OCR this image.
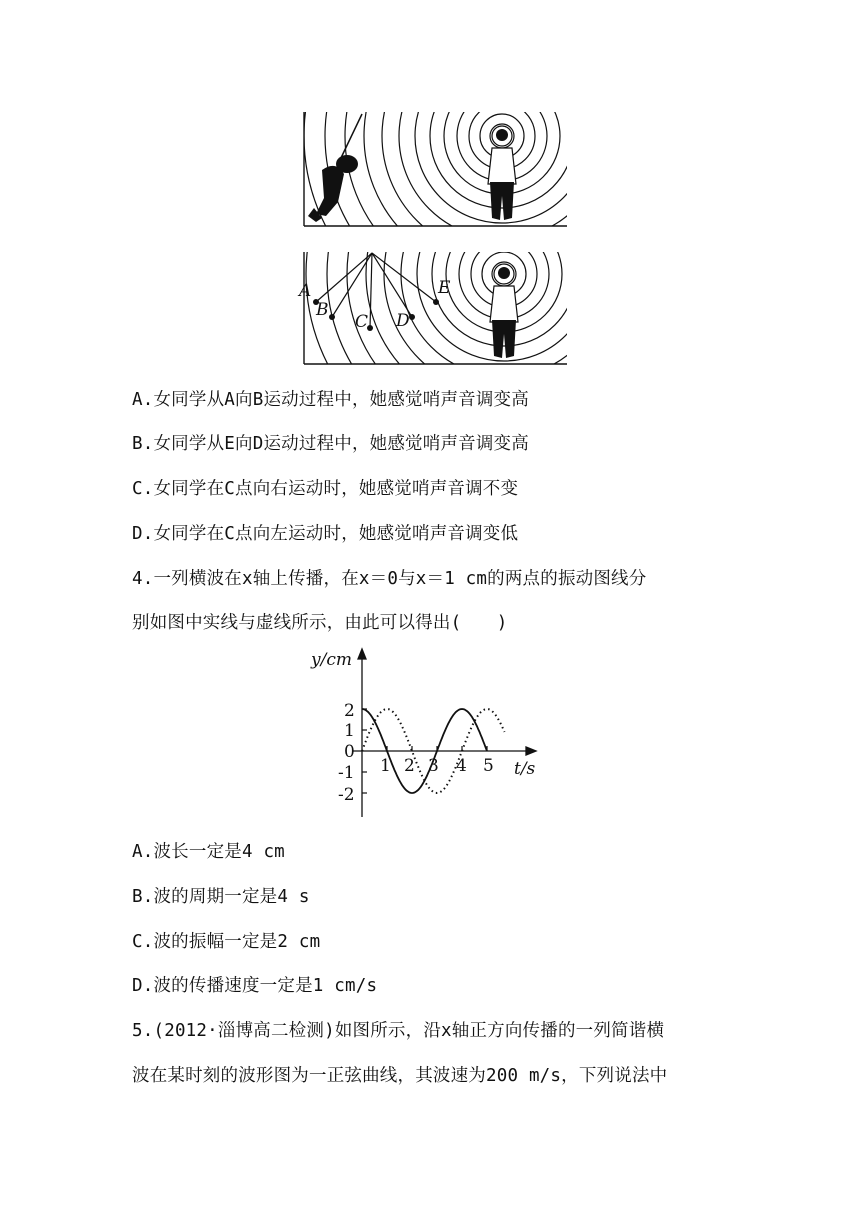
A
B
C D
E
A.女同学从A向B运动过程中，她感觉哨声音调变高
B.女同学从E向D运动过程中，她感觉哨声音调变高
C.女同学在C点向右运动时，她感觉哨声音调不变
D.女同学在C点向左运动时，她感觉哨声音调变低
4.一列横波在x轴上传播，在x＝0与x＝1 cm的两点的振动图线分
别如图中实线与虚线所示，由此可以得出(　　)
2
1
0
-1
-2
1 2 3 4 5 t/s
y/cm
A.波长一定是4 cm
B.波的周期一定是4 s
C.波的振幅一定是2 cm
D.波的传播速度一定是1 cm/s
5.(2012·淄博高二检测)如图所示，沿x轴正方向传播的一列简谐横
波在某时刻的波形图为一正弦曲线，其波速为200 m/s，下列说法中
